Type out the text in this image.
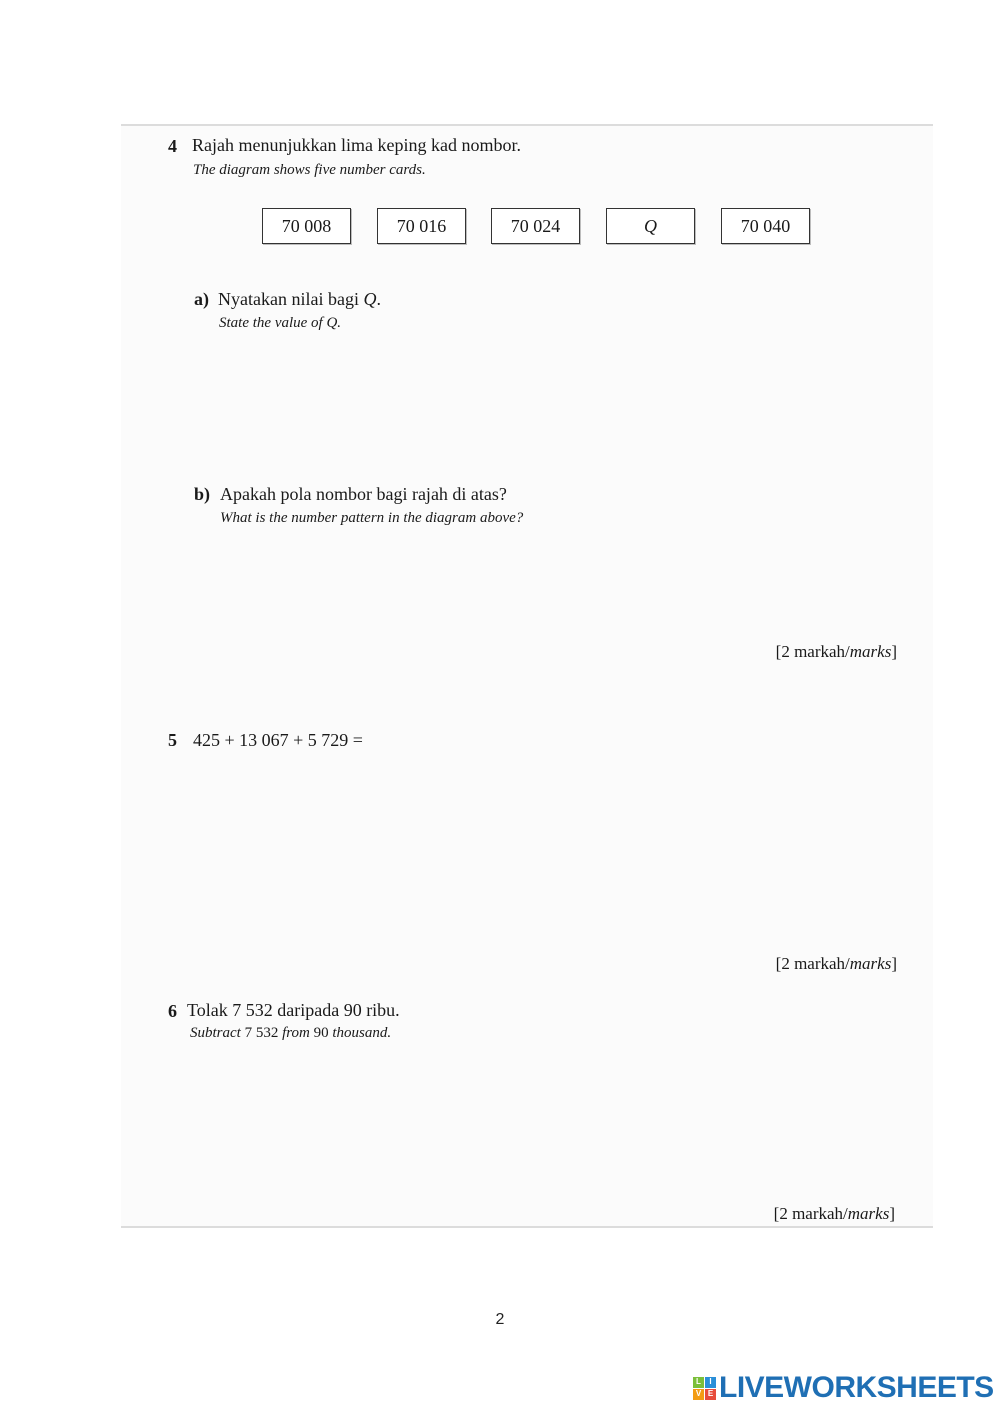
4 Rajah menunjukkan lima keping kad nombor.
The diagram shows five number cards.
70 008	70 016	70 024	Q	70 040
a) Nyatakan nilai bagi Q.
State the value of Q.
b) Apakah pola nombor bagi rajah di atas?
What is the number pattern in the diagram above?
[2 markah/marks]
5 425 + 13 067 + 5 729 =
[2 markah/marks]
6 Tolak 7 532 daripada 90 ribu.
Subtract 7 532 from 90 thousand.
[2 markah/marks]
2
L	I
V E LIVEWORKSHEETS
